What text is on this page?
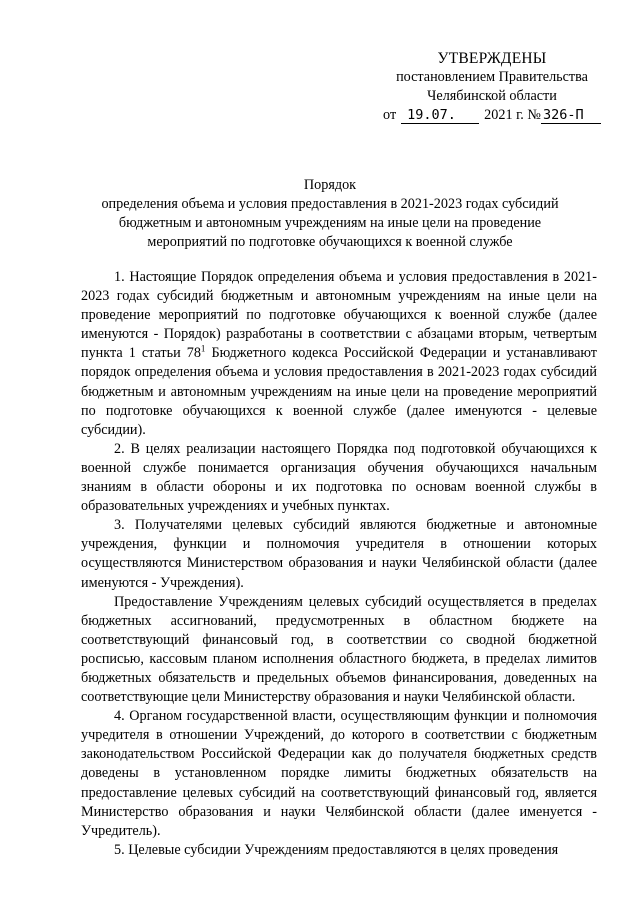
УТВЕРЖДЕНЫ
постановлением Правительства
Челябинской области
от 19.07.	2021 г. № 326-П
Порядок
определения объема и условия предоставления в 2021-2023 годах субсидий
бюджетным и автономным учреждениям на иные цели на проведение
мероприятий по подготовке обучающихся к военной службе

1. Настоящие Порядок определения объема и условия предоставления в 2021-2023 годах субсидий бюджетным и автономным учреждениям на иные цели на проведение мероприятий по подготовке обучающихся к военной службе (далее именуются - Порядок) разработаны в соответствии с абзацами вторым, четвертым пункта 1 статьи $78^1$ Бюджетного кодекса Российской Федерации и устанавливают порядок определения объема и условия предоставления в 2021-2023 годах субсидий бюджетным и автономным учреждениям на иные цели на проведение мероприятий по подготовке обучающихся к военной службе (далее именуются - целевые субсидии).

2. В целях реализации настоящего Порядка под подготовкой обучающихся к военной службе понимается организация обучения обучающихся начальным знаниям в области обороны и их подготовка по основам военной службы в образовательных учреждениях и учебных пунктах.

3. Получателями целевых субсидий являются бюджетные и автономные учреждения, функции и полномочия учредителя в отношении которых осуществляются Министерством образования и науки Челябинской области (далее именуются - Учреждения).

Предоставление Учреждениям целевых субсидий осуществляется в пределах бюджетных ассигнований, предусмотренных в областном бюджете на соответствующий финансовый год, в соответствии со сводной бюджетной росписью, кассовым планом исполнения областного бюджета, в пределах лимитов бюджетных обязательств и предельных объемов финансирования, доведенных на соответствующие цели Министерству образования и науки Челябинской области.

4. Органом государственной власти, осуществляющим функции и полномочия учредителя в отношении Учреждений, до которого в соответствии с бюджетным законодательством Российской Федерации как до получателя бюджетных средств доведены в установленном порядке лимиты бюджетных обязательств на предоставление целевых субсидий на соответствующий финансовый год, является Министерство образования и науки Челябинской области (далее именуется - Учредитель).

5. Целевые субсидии Учреждениям предоставляются в целях проведения
